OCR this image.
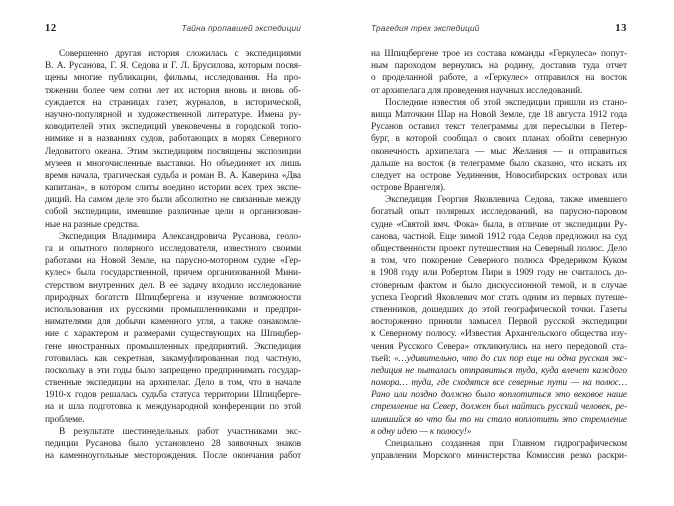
12	Тайна пропавшей экспедиции
Совершенно другая история сложилась с экспедициями
В. А. Русанова, Г. Я. Седова и Г. Л. Брусилова, которым посвя-
щены многие публикации, фильмы, исследования. На про-
тяжении более чем сотни лет их история вновь и вновь об-
суждается на страницах газет, журналов, в исторической,
научно-популярной и художественной литературе. Имена ру-
ководителей этих экспедиций увековечены в городской топо-
нимике и в названиях судов, работающих в морях Северного
Ледовитого океана. Этим экспедициям посвящены экспозиции
музеев и многочисленные выставки. Но объединяет их лишь
время начала, трагическая судьба и роман В. А. Каверина «Два
капитана», в котором слиты воедино истории всех трех экспе-
диций. На самом деле это были абсолютно не связанные между
собой экспедиции, имевшие различные цели и организован-
ные на разные средства.
Экспедиция Владимира Александровича Русанова, геоло-
га и опытного полярного исследователя, известного своими
работами на Новой Земле, на парусно-моторном судне «Гер-
кулес» была государственной, причем организованной Мини-
стерством внутренних дел. В ее задачу входило исследование
природных богатств Шпицбергена и изучение возможности
использования их русскими промышленниками и предпри-
нимателями для добычи каменного угля, а также ознакомле-
ние с характером и размерами существующих на Шпицбер-
гене иностранных промышленных предприятий. Экспедиция
готовилась как секретная, закамуфлированная под частную,
поскольку в эти годы было запрещено предпринимать государ-
ственные экспедиции на архипелаг. Дело в том, что в начале
1910-х годов решалась судьба статуса территории Шпицберге-
на и шла подготовка к международной конференции по этой
проблеме.
В результате шестинедельных работ участниками экс-
педиции Русанова было установлено 28 заявочных знаков
на каменноугольные месторождения. После окончания работ
Трагедия трех экспедиций	13
на Шпицбергене трое из состава команды «Геркулеса» попут-
ным пароходом вернулись на родину, доставив туда отчет
о проделанной работе, а «Геркулес» отправился на восток
от архипелага для проведения научных исследований.
Последние известия об этой экспедиции пришли из стано-
вища Маточкин Шар на Новой Земле, где 18 августа 1912 года
Русанов оставил текст телеграммы для пересылки в Петер-
бург, в которой сообщал о своих планах обойти северную
оконечность архипелага — мыс Желания — и отправиться
дальше на восток (в телеграмме было сказано, что искать их
следует на острове Уединения, Новосибирских островах или
острове Врангеля).
Экспедиция Георгия Яковлевича Седова, также имевшего
богатый опыт полярных исследований, на парусно-паровом
судне «Святой вмч. Фока» была, в отличие от экспедиции Ру-
санова, частной. Еще зимой 1912 года Седов предложил на суд
общественности проект путешествия на Северный полюс. Дело
в том, что покорение Северного полюса Фредериком Куком
в 1908 году или Робертом Пири в 1909 году не считалось до-
стоверным фактом и было дискуссионной темой, и в случае
успеха Георгий Яковлевич мог стать одним из первых путеше-
ственников, дошедших до этой географической точки. Газеты
восторженно приняли замысел Первой русской экспедиции
к Северному полюсу. «Известия Архангельского общества изу-
чения Русского Севера» откликнулись на него передовой ста-
тьей: «…удивительно, что до сих пор еще ни одна русская экс-
педиция не пыталась отправиться туда, куда влечет каждого
помора… туда, где сходятся все северные пути — на полюс…
Рано или поздно должно было воплотиться это вековое наше
стремление на Север, должен был найтись русский человек, ре-
шившийся во что бы то ни стало воплотить это стремление
в одну идею — к полюсу!»
Специально созданная при Главном гидрографическом
управлении Морского министерства Комиссия резко раскри-
